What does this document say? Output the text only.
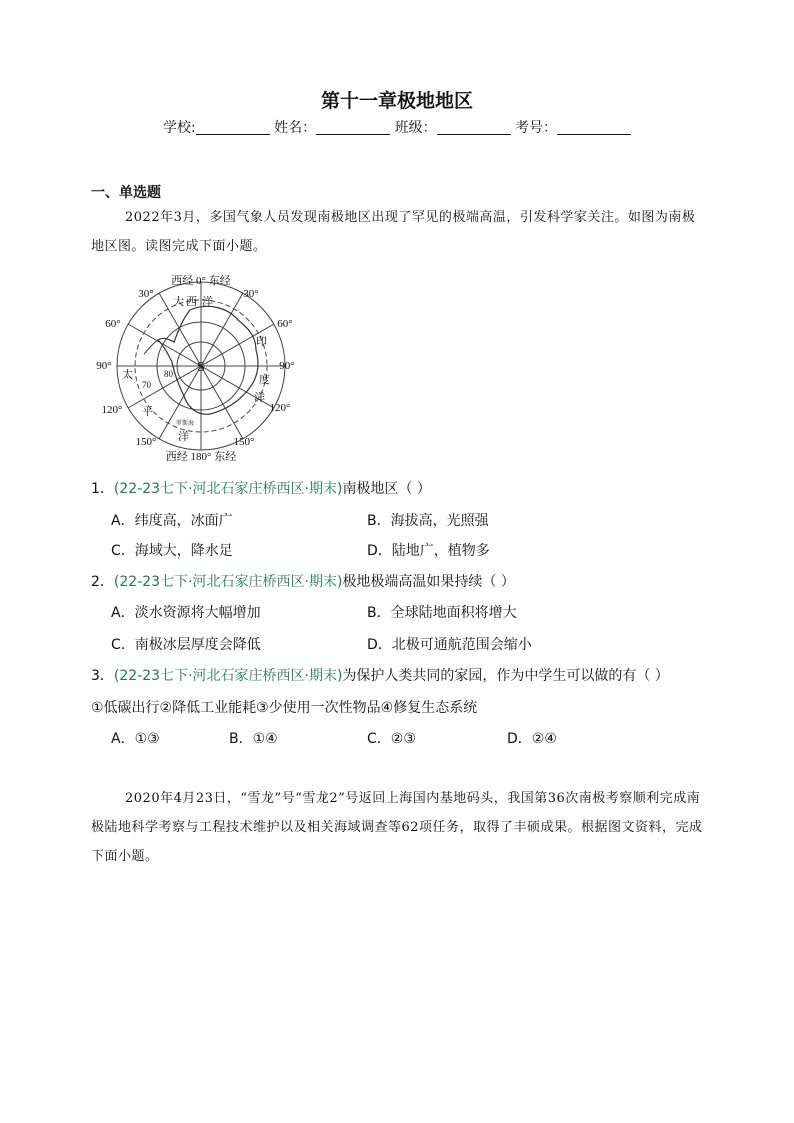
第十一章极地地区
学校:	姓名：	班级：	考号：
一、单选题
2022年3月，多国气象人员发现南极地区出现了罕见的极端高温，引发科学家关注。如图为南极地区图。读图完成下面小题。
西经 0° 东经
西经 180° 东经
30°	30°
60°	60°
90°	90°
120°	120°
150°	150°
大 西 洋
印
度
洋
太
平
洋
70
80 S
罗斯海
1．(22-23七下·河北石家庄桥西区·期末)南极地区（ ）
A．纬度高，冰面广	B．海拔高，光照强
C．海域大，降水足	D．陆地广，植物多
2．(22-23七下·河北石家庄桥西区·期末)极地极端高温如果持续（ ）
A．淡水资源将大幅增加	B．全球陆地面积将增大
C．南极冰层厚度会降低	D．北极可通航范围会缩小
3．(22-23七下·河北石家庄桥西区·期末)为保护人类共同的家园，作为中学生可以做的有（ ）
①低碳出行②降低工业能耗③少使用一次性物品④修复生态系统
A．①③	B．①④	C．②③	D．②④
2020年4月23日，“雪龙”号“雪龙2”号返回上海国内基地码头，我国第36次南极考察顺利完成南极陆地科学考察与工程技术维护以及相关海域调查等62项任务，取得了丰硕成果。根据图文资料，完成下面小题。
